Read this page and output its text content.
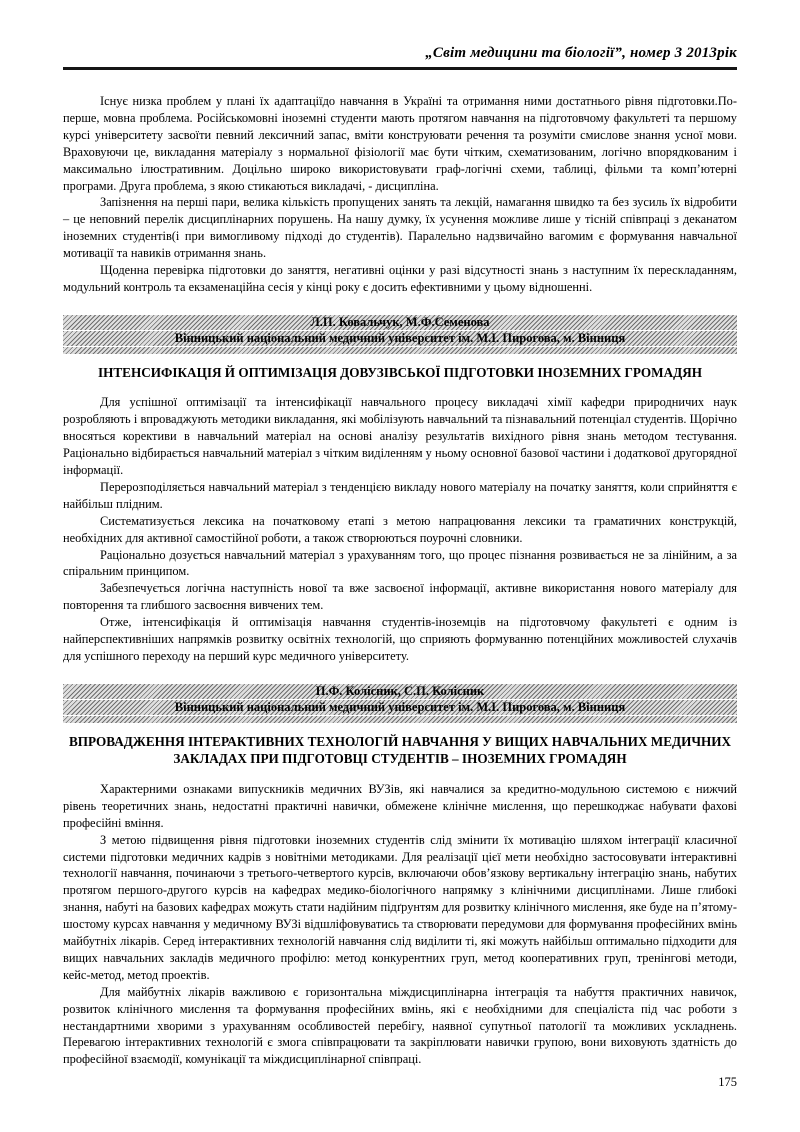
„Світ медицини та біології”, номер 3 2013рік

Існує низка проблем у плані їх адаптаціїдо навчання в Україні та отримання ними достатнього рівня підготовки.По-перше, мовна проблема. Російськомовні іноземні студенти мають протягом навчання на підготовчому факультеті та першому курсі університету засвоїти певний лексичний запас, вміти конструювати речення та розуміти смислове знання усної мови. Враховуючи це, викладання матеріалу з нормальної фізіології має бути чітким, схематизованим, логічно впорядкованим і максимально ілюстративним. Доцільно широко використовувати граф-логічні схеми, таблиці, фільми та комп’ютерні програми. Друга проблема, з якою стикаються викладачі, - дисципліна.

Запізнення на перші пари, велика кількість пропущених занять та лекцій, намагання швидко та без зусиль їх відробити – це неповний перелік дисциплінарних порушень. На нашу думку, їх усунення можливе лише у тісній співпраці з деканатом іноземних студентів(і при вимогливому підході до студентів). Паралельно надзвичайно вагомим є формування навчальної мотивації та навиків отримання знань.

Щоденна перевірка підготовки до заняття, негативні оцінки у разі відсутності знань з наступним їх перескладанням, модульний контроль та екзаменаційна сесія у кінці року є досить ефективними у цьому відношенні.

Л.П. Ковальчук, М.Ф.Семенова
Вінницький національний медичний університет ім. М.І. Пирогова, м. Вінниця
ІНТЕНСИФІКАЦІЯ Й ОПТИМІЗАЦІЯ ДОВУЗІВСЬКОЇ ПІДГОТОВКИ ІНОЗЕМНИХ ГРОМАДЯН

Для успішної оптимізації та інтенсифікації навчального процесу викладачі хімії кафедри природничих наук розробляють і впроваджують методики викладання, які мобілізують навчальний та пізнавальний потенціал студентів. Щорічно вносяться корективи в навчальний матеріал на основі аналізу результатів вихідного рівня знань методом тестування. Раціонально відбирається навчальний матеріал з чітким виділенням у ньому основної базової частини і додаткової другорядної інформації.

Перерозподіляється навчальний матеріал з тенденцією викладу нового матеріалу на початку заняття, коли сприйняття є найбільш плідним.

Систематизується лексика на початковому етапі з метою напрацювання лексики та граматичних конструкцій, необхідних для активної самостійної роботи, а також створюються поурочні словники.

Раціонально дозується навчальний матеріал з урахуванням того, що процес пізнання розвивається не за лінійним, а за спіральним принципом.

Забезпечується логічна наступність нової та вже засвоєної інформації, активне використання нового матеріалу для повторення та глибшого засвоєння вивчених тем.

Отже, інтенсифікація й оптимізація навчання студентів-іноземців на підготовчому факультеті є одним із найперспективніших напрямків розвитку освітніх технологій, що сприяють формуванню потенційних можливостей слухачів для успішного переходу на перший курс медичного університету.

П.Ф. Колісник, С.П. Колісник
Вінницький національний медичний університет ім. М.І. Пирогова, м. Вінниця
ВПРОВАДЖЕННЯ ІНТЕРАКТИВНИХ ТЕХНОЛОГІЙ НАВЧАННЯ У ВИЩИХ НАВЧАЛЬНИХ МЕДИЧНИХ ЗАКЛАДАХ ПРИ ПІДГОТОВЦІ СТУДЕНТІВ – ІНОЗЕМНИХ ГРОМАДЯН

Характерними ознаками випускників медичних ВУЗів, які навчалися за кредитно-модульною системою є нижчий рівень теоретичних знань, недостатні практичні навички, обмежене клінічне мислення, що перешкоджає набувати фахові професійні вміння.

З метою підвищення рівня підготовки іноземних студентів слід змінити їх мотивацію шляхом інтеграції класичної системи підготовки медичних кадрів з новітніми методиками. Для реалізації цієї мети необхідно застосовувати інтерактивні технології навчання, починаючи з третього-четвертого курсів, включаючи обов’язкову вертикальну інтеграцію знань, набутих протягом першого-другого курсів на кафедрах медико-біологічного напрямку з клінічними дисциплінами. Лише глибокі знання, набуті на базових кафедрах можуть стати надійним підґрунтям для розвитку клінічного мислення, яке буде на п’ятому-шостому курсах навчання у медичному ВУЗі відшліфовуватись та створювати передумови для формування професійних вмінь майбутніх лікарів. Серед інтерактивних технологій навчання слід виділити ті, які можуть найбільш оптимально підходити для вищих навчальних закладів медичного профілю: метод конкурентних груп, метод кооперативних груп, тренінгові методи, кейс-метод, метод проектів.

Для майбутніх лікарів важливою є горизонтальна міждисциплінарна інтеграція та набуття практичних навичок, розвиток клінічного мислення та формування професійних вмінь, які є необхідними для спеціаліста під час роботи з нестандартними хворими з урахуванням особливостей перебігу, наявної супутньої патології та можливих ускладнень. Перевагою інтерактивних технологій є змога співпрацювати та закріплювати навички групою, вони виховують здатність до професійної взаємодії, комунікації та міждисциплінарної співпраці.

175
